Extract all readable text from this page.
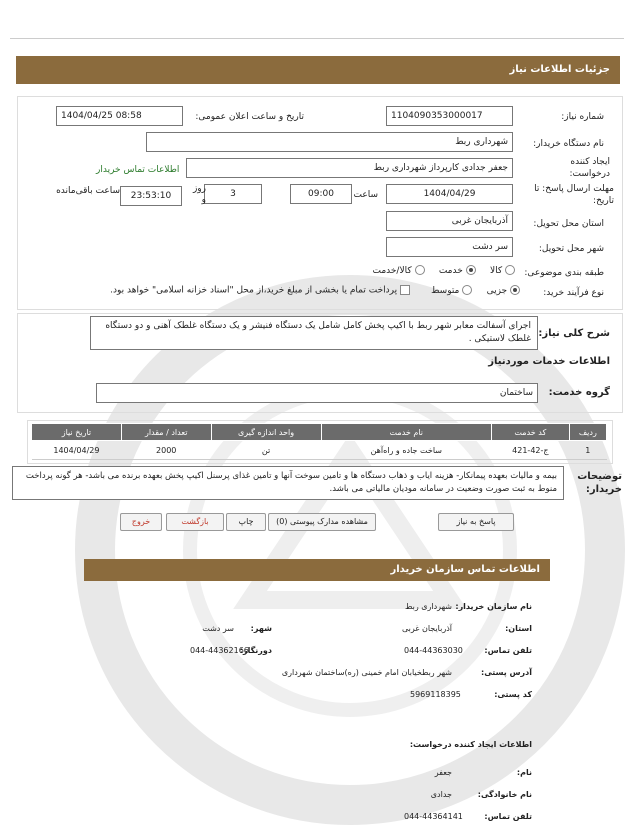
جزئیات اطلاعات نیاز
شماره نیاز:
1104090353000017
تاریخ و ساعت اعلان عمومی:
1404/04/25 08:58
نام دستگاه خریدار:
شهرداری ربط
ایجاد کننده درخواست:
جعفر جدادی کارپرداز شهرداری ربط
اطلاعات تماس خریدار
مهلت ارسال پاسخ: تا تاریخ:
1404/04/29
ساعت
09:00
3
روز و
23:53:10
ساعت باقی‌مانده
استان محل تحویل:
آذربایجان غربی
شهر محل تحویل:
سر دشت
طبقه بندی موضوعی:
کالا      خدمت      کالا/خدمت
نوع فرآیند خرید:
جزیی      متوسط
پرداخت تمام یا بخشی از مبلغ خرید،از محل "اسناد خزانه اسلامی" خواهد بود.
شرح کلی نیاز:
اجرای آسفالت معابر شهر ربط با اکیپ پخش کامل شامل یک دستگاه فنیشر و یک دستگاه غلطک آهنی و دو دستگاه غلطک لاستیکی .
اطلاعات خدمات موردنیاز
گروه خدمت:
ساختمان
ردیف	کد خدمت	نام خدمت	واحد اندازه گیری	تعداد / مقدار	تاریخ نیاز
1	ج-42-421	ساخت جاده و راه‌آهن	تن	2000	1404/04/29
توضیحات خریدار:
بیمه و مالیات بعهده پیمانکار- هزینه ایاب و ذهاب دستگاه ها و تامین سوخت آنها و تامین غذای پرسنل اکیپ پخش بعهده برنده می باشد- هر گونه پرداخت منوط به ثبت صورت وضعیت در سامانه مودیان مالیاتی می باشد.
پاسخ به نیاز
مشاهده مدارک پیوستی (0)
چاپ
بازگشت
خروج
اطلاعات تماس سازمان خریدار
نام سازمان خریدار:
شهرداری ربط
استان:
آذربایجان غربی
شهر:
سر دشت
تلفن تماس:
044-44363030
دورنگار:
044-44362166
آدرس پستی:
شهر ربطخیابان امام خمینی (ره)ساختمان شهرداری
کد پستی:
5969118395
اطلاعات ایجاد کننده درخواست:
نام:
جعفر
نام خانوادگی:
جدادی
تلفن تماس:
044-44364141
